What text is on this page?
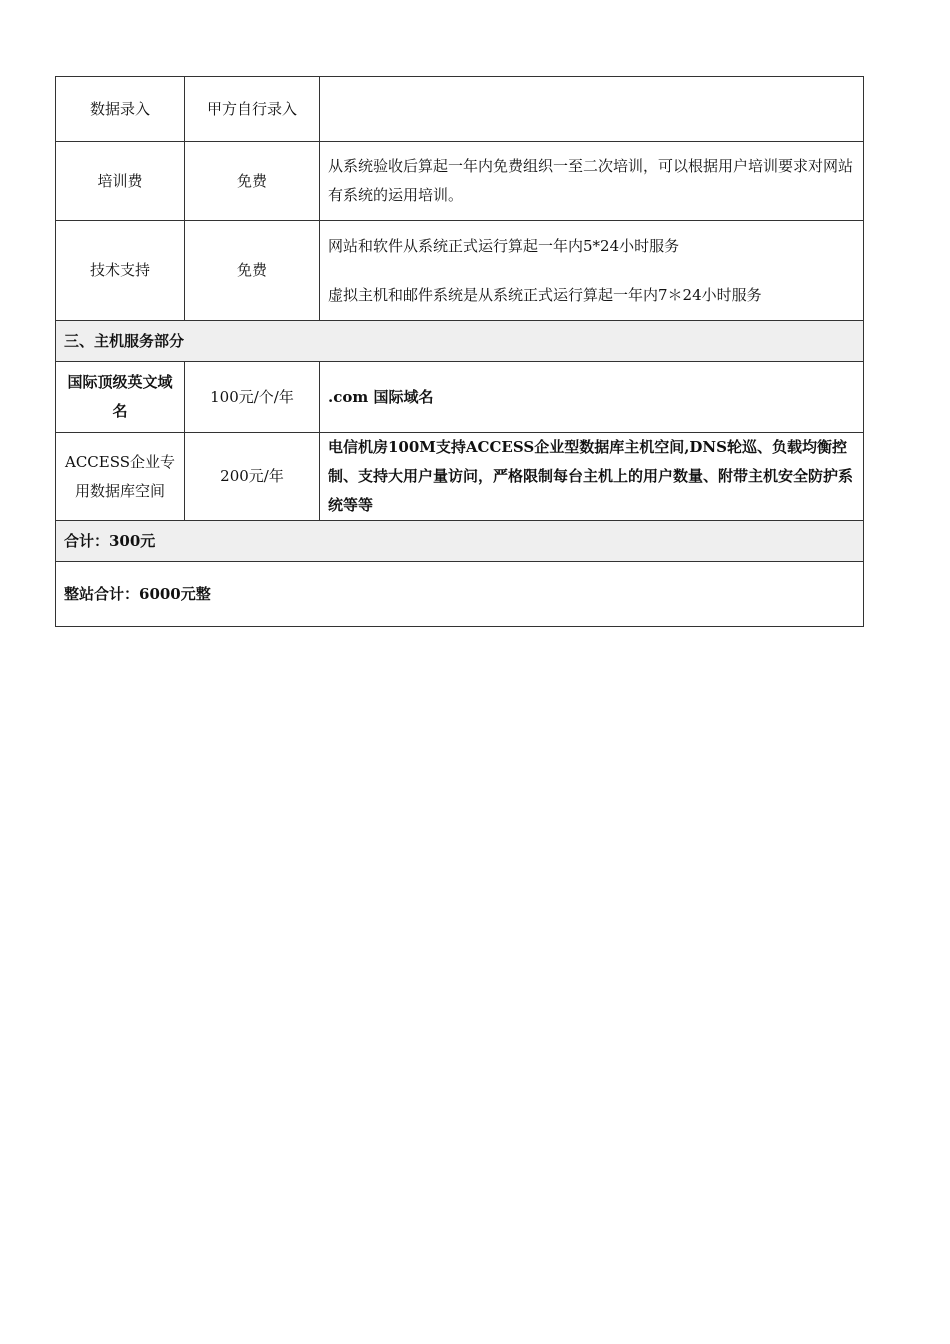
数据录入	甲方自行录入	
培训费	免费	从系统验收后算起一年内免费组织一至二次培训，可以根据用户培训要求对网站有系统的运用培训。
技术支持	免费	网站和软件从系统正式运行算起一年内5*24小时服务
虚拟主机和邮件系统是从系统正式运行算起一年内7＊24小时服务

三、主机服务部分		
国际顶级英文域名	100元/个/年	.com 国际域名
ACCESS企业专用数据库空间	200元/年	电信机房100M支持ACCESS企业型数据库主机空间,DNS轮巡、负载均衡控制、支持大用户量访问，严格限制每台主机上的用户数量、附带主机安全防护系统等等
合计：300元		
整站合计：6000元整		
